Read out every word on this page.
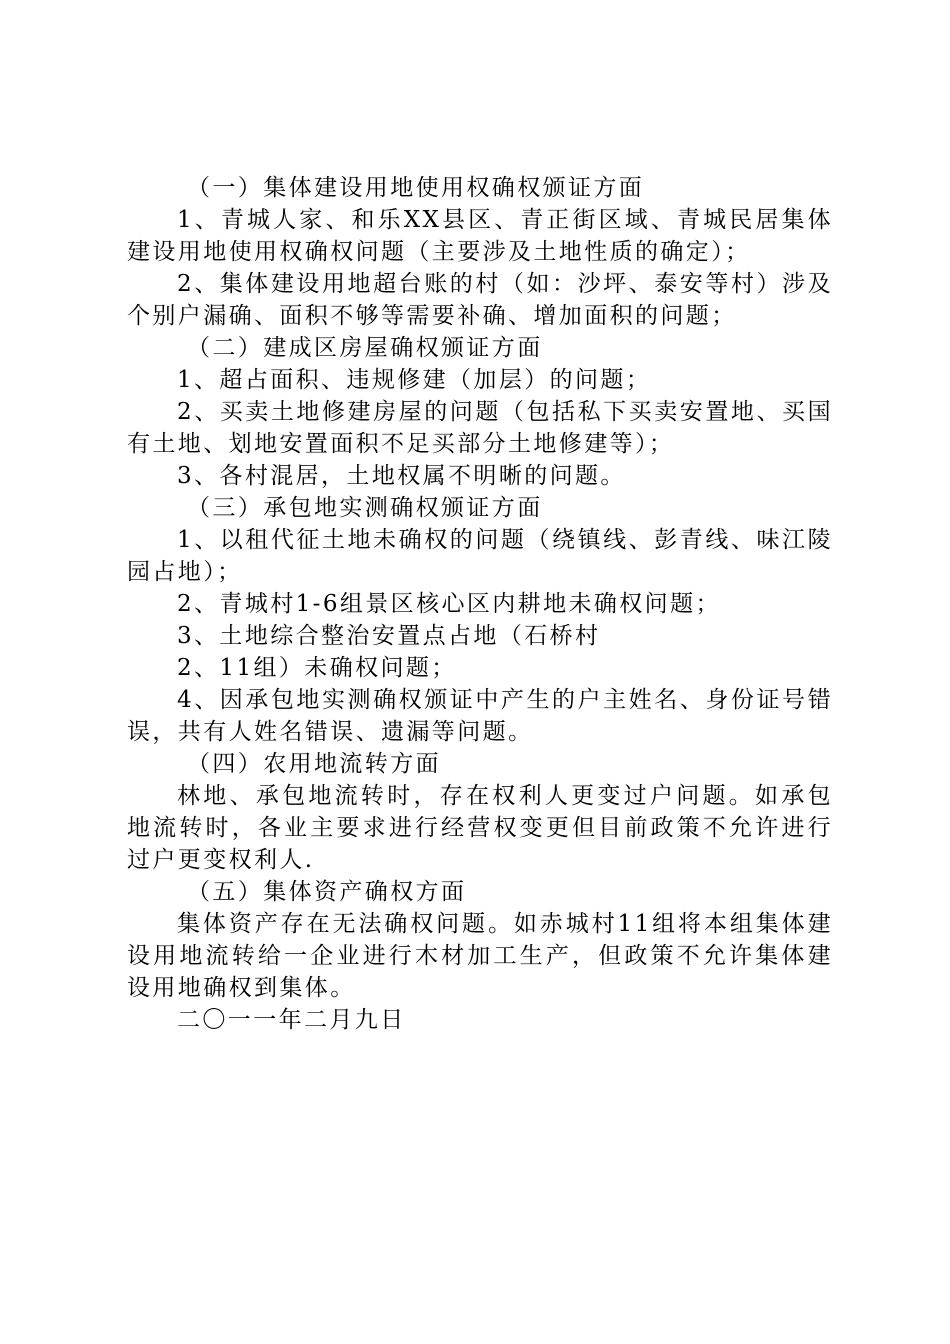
（一）集体建设用地使用权确权颁证方面

1、青城人家、和乐XX县区、青正街区域、青城民居集体建设用地使用权确权问题（主要涉及土地性质的确定）；

2、集体建设用地超台账的村（如：沙坪、泰安等村）涉及个别户漏确、面积不够等需要补确、增加面积的问题；

（二）建成区房屋确权颁证方面

1、超占面积、违规修建（加层）的问题；

2、买卖土地修建房屋的问题（包括私下买卖安置地、买国有土地、划地安置面积不足买部分土地修建等）；

3、各村混居，土地权属不明晰的问题。

（三）承包地实测确权颁证方面

1、以租代征土地未确权的问题（绕镇线、彭青线、味江陵园占地）；

2、青城村1-6组景区核心区内耕地未确权问题；

3、土地综合整治安置点占地（石桥村

2、11组）未确权问题；

4、因承包地实测确权颁证中产生的户主姓名、身份证号错误，共有人姓名错误、遗漏等问题。

（四）农用地流转方面

林地、承包地流转时，存在权利人更变过户问题。如承包地流转时，各业主要求进行经营权变更但目前政策不允许进行过户更变权利人.

（五）集体资产确权方面

集体资产存在无法确权问题。如赤城村11组将本组集体建设用地流转给一企业进行木材加工生产，但政策不允许集体建设用地确权到集体。

二〇一一年二月九日
